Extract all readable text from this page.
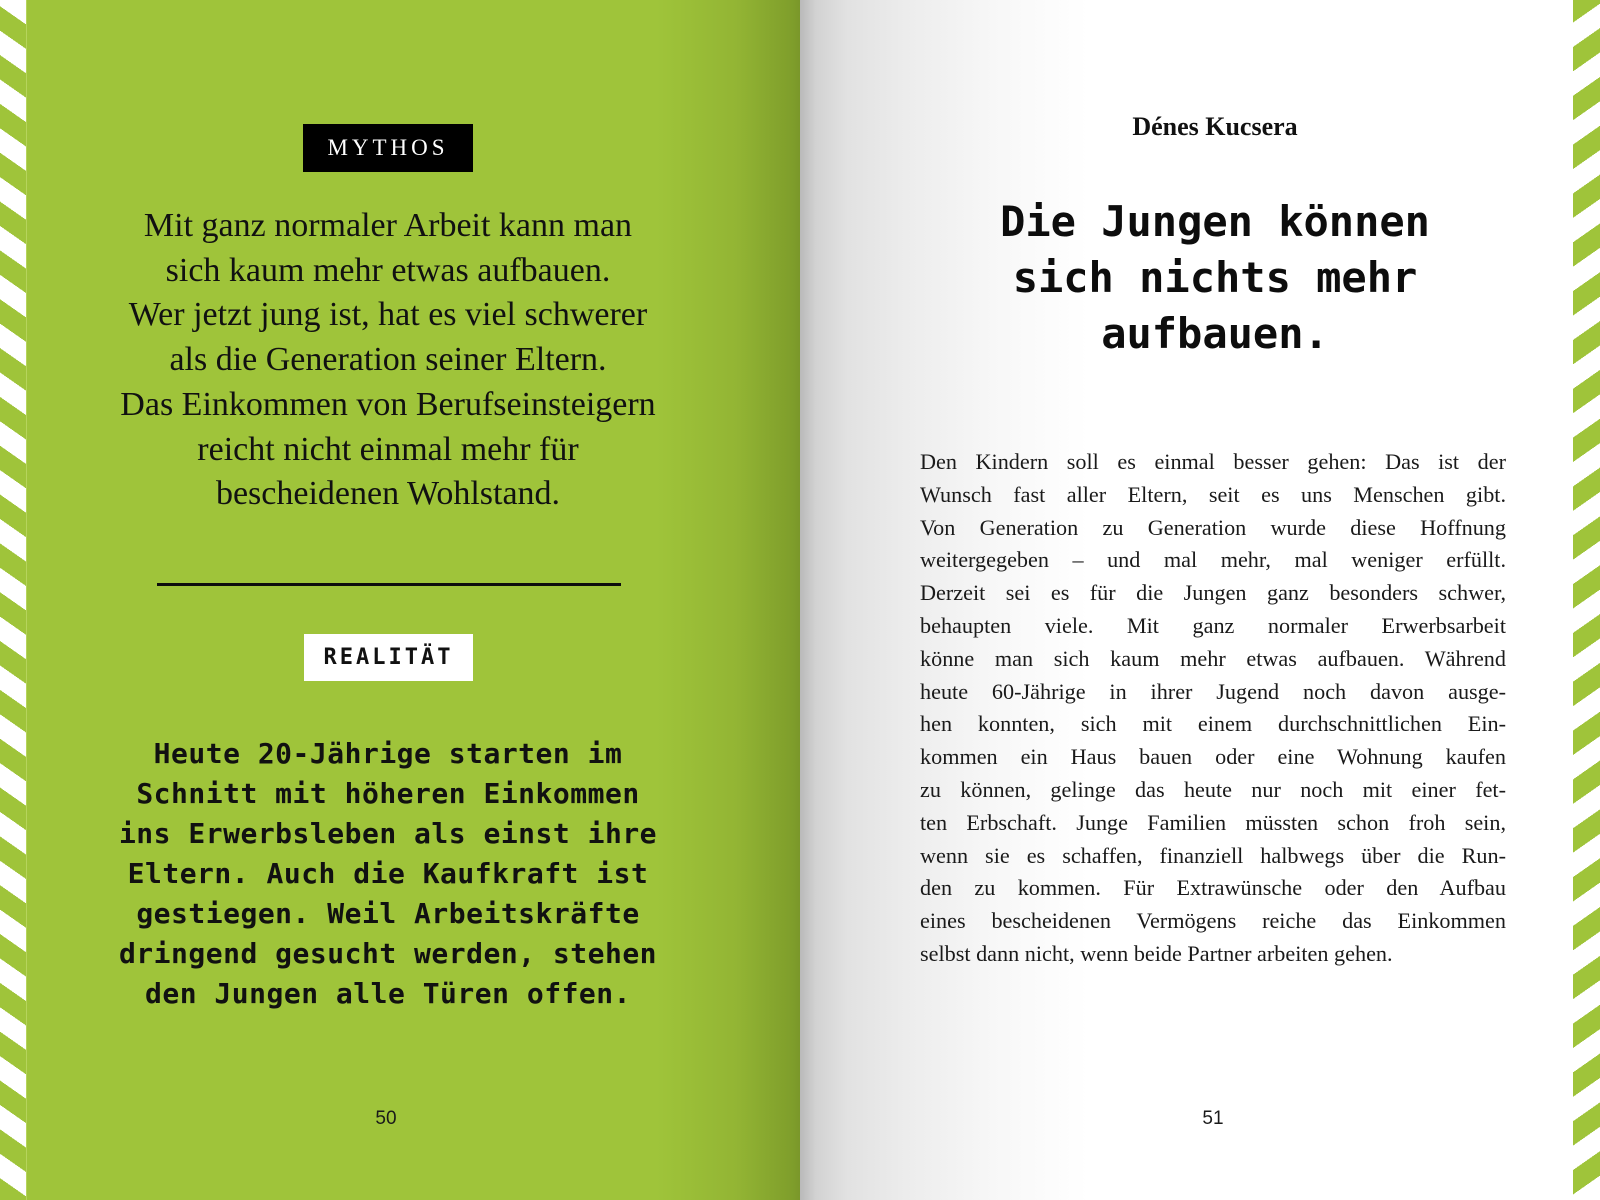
MYTHOS
Mit ganz normaler Arbeit kann man
sich kaum mehr etwas aufbauen.
Wer jetzt jung ist, hat es viel schwerer
als die Generation seiner Eltern.
Das Einkommen von Berufseinsteigern
reicht nicht einmal mehr für
bescheidenen Wohlstand.
REALITÄT
Heute 20-Jährige starten im
Schnitt mit höheren Einkommen
ins Erwerbsleben als einst ihre
Eltern. Auch die Kaufkraft ist
gestiegen. Weil Arbeitskräfte
dringend gesucht werden, stehen
den Jungen alle Türen offen.
50
Dénes Kucsera
Die Jungen können
sich nichts mehr
aufbauen.
Den Kindern soll es einmal besser gehen: Das ist der
Wunsch fast aller Eltern, seit es uns Menschen gibt.
Von Generation zu Generation wurde diese Hoffnung
weitergegeben – und mal mehr, mal weniger erfüllt.
Derzeit sei es für die Jungen ganz besonders schwer,
behaupten viele. Mit ganz normaler Erwerbsarbeit
könne man sich kaum mehr etwas aufbauen. Während
heute 60-Jährige in ihrer Jugend noch davon ausge-
hen konnten, sich mit einem durchschnittlichen Ein-
kommen ein Haus bauen oder eine Wohnung kaufen
zu können, gelinge das heute nur noch mit einer fet-
ten Erbschaft. Junge Familien müssten schon froh sein,
wenn sie es schaffen, finanziell halbwegs über die Run-
den zu kommen. Für Extrawünsche oder den Aufbau
eines bescheidenen Vermögens reiche das Einkommen
selbst dann nicht, wenn beide Partner arbeiten gehen.
51
